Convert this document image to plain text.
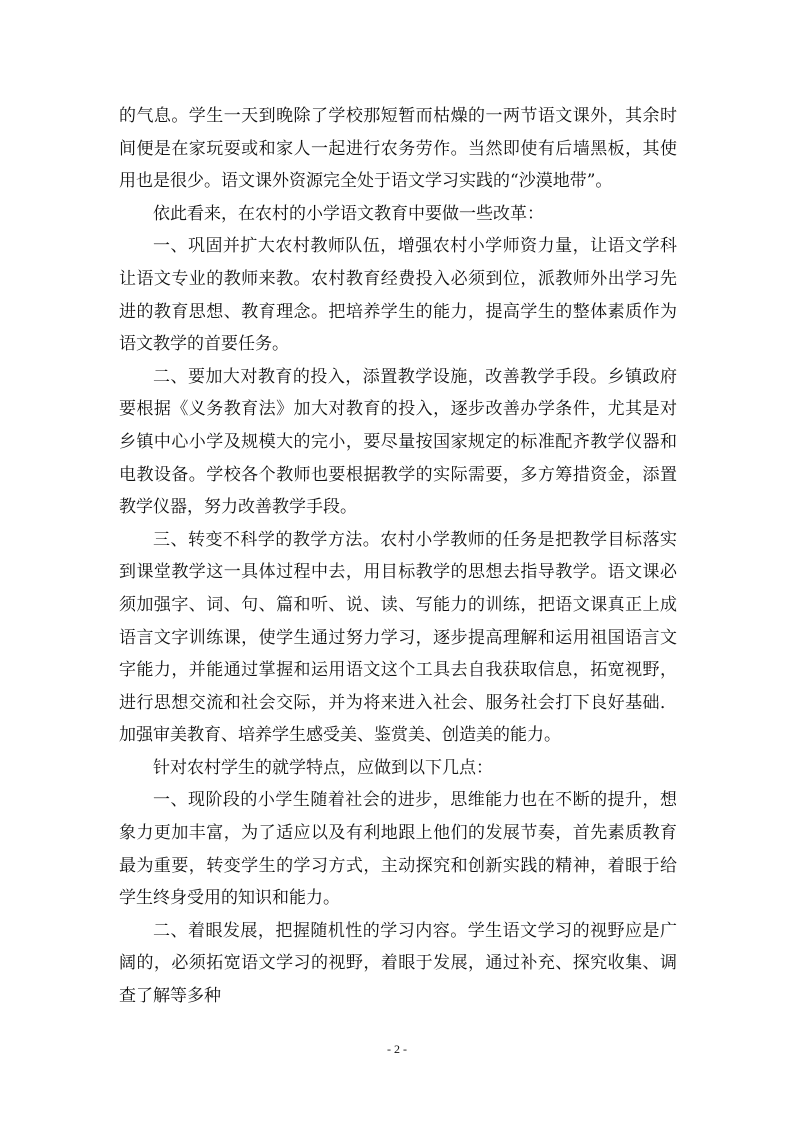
的气息。学生一天到晚除了学校那短暂而枯燥的一两节语文课外，其余时间便是在家玩耍或和家人一起进行农务劳作。当然即使有后墙黑板，其使用也是很少。语文课外资源完全处于语文学习实践的“沙漠地带”。

依此看来，在农村的小学语文教育中要做一些改革：

一、巩固并扩大农村教师队伍，增强农村小学师资力量，让语文学科让语文专业的教师来教。农村教育经费投入必须到位，派教师外出学习先进的教育思想、教育理念。把培养学生的能力，提高学生的整体素质作为语文教学的首要任务。

二、要加大对教育的投入，添置教学设施，改善教学手段。乡镇政府要根据《义务教育法》加大对教育的投入，逐步改善办学条件，尤其是对乡镇中心小学及规模大的完小，要尽量按国家规定的标准配齐教学仪器和电教设备。学校各个教师也要根据教学的实际需要，多方筹措资金，添置教学仪器，努力改善教学手段。

三、转变不科学的教学方法。农村小学教师的任务是把教学目标落实到课堂教学这一具体过程中去，用目标教学的思想去指导教学。语文课必须加强字、词、句、篇和听、说、读、写能力的训练，把语文课真正上成语言文字训练课，使学生通过努力学习，逐步提高理解和运用祖国语言文字能力，并能通过掌握和运用语文这个工具去自我获取信息，拓宽视野，进行思想交流和社会交际，并为将来进入社会、服务社会打下良好基础．加强审美教育、培养学生感受美、鉴赏美、创造美的能力。

针对农村学生的就学特点，应做到以下几点：

一、现阶段的小学生随着社会的进步，思维能力也在不断的提升，想象力更加丰富，为了适应以及有利地跟上他们的发展节奏，首先素质教育最为重要，转变学生的学习方式，主动探究和创新实践的精神，着眼于给学生终身受用的知识和能力。

二、着眼发展，把握随机性的学习内容。学生语文学习的视野应是广阔的，必须拓宽语文学习的视野，着眼于发展，通过补充、探究收集、调查了解等多种

- 2 -
